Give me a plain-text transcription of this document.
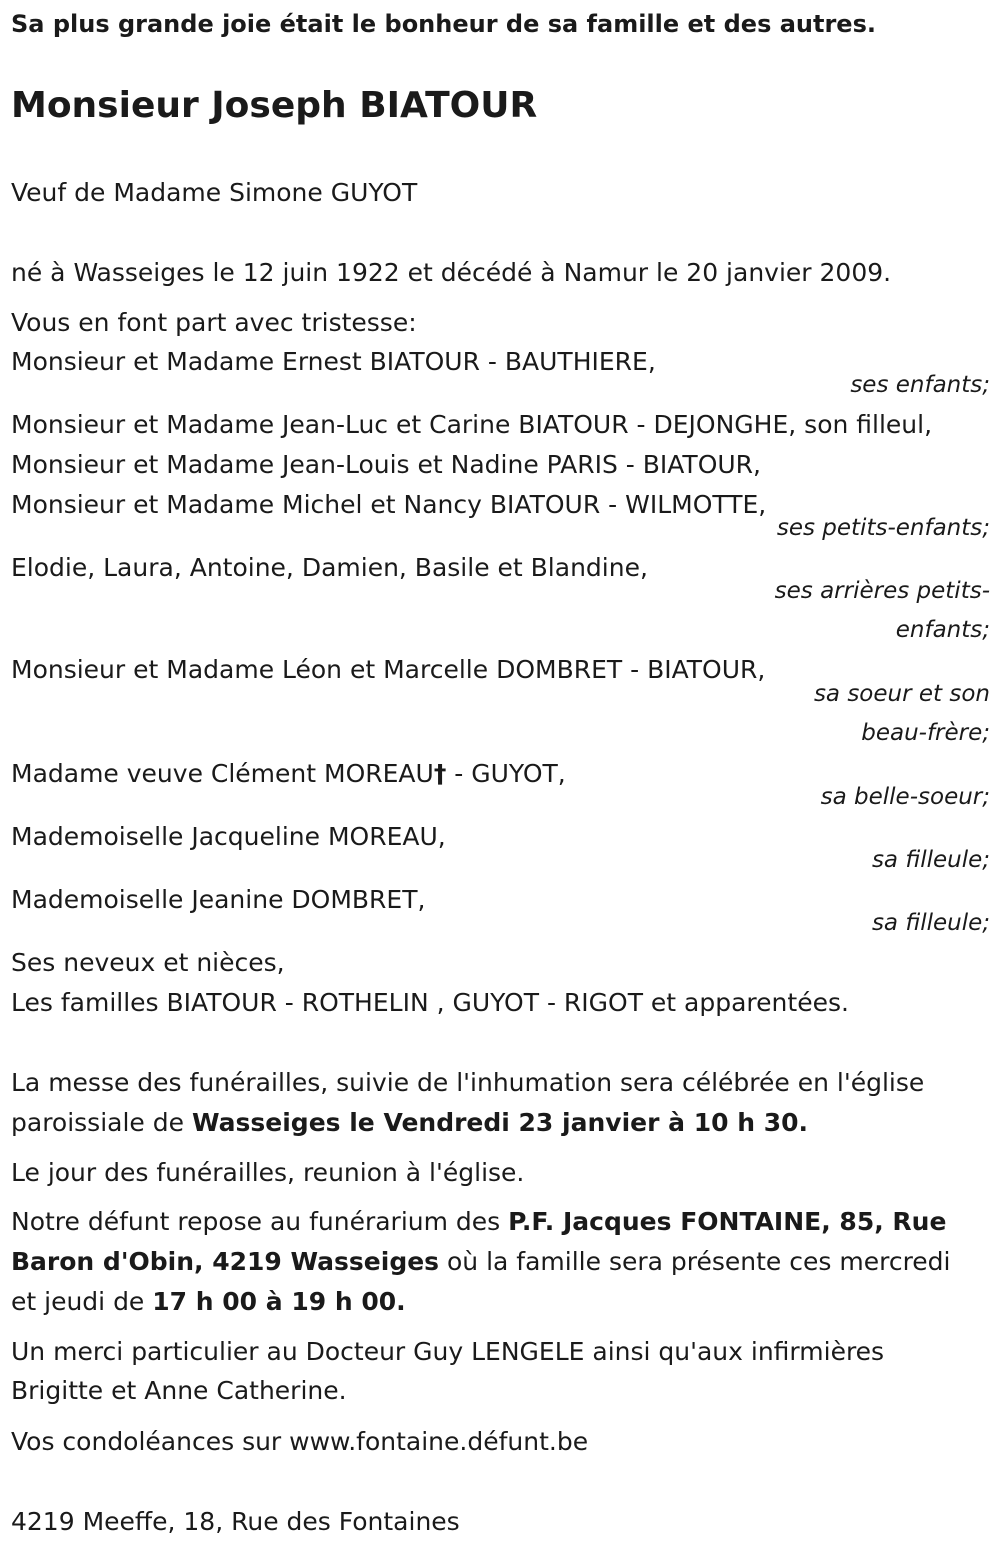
Sa plus grande joie était le bonheur de sa famille et des autres.
Monsieur Joseph BIATOUR
Veuf de Madame Simone GUYOT
né à Wasseiges le 12 juin 1922 et décédé à Namur le 20 janvier 2009.
Vous en font part avec tristesse:
Monsieur et Madame Ernest BIATOUR - BAUTHIERE,
ses enfants;
Monsieur et Madame Jean-Luc et Carine BIATOUR - DEJONGHE, son filleul,
Monsieur et Madame Jean-Louis et Nadine PARIS - BIATOUR,
Monsieur et Madame Michel et Nancy BIATOUR - WILMOTTE,
ses petits-enfants;
Elodie, Laura, Antoine, Damien, Basile et Blandine,
ses arrières petits-
enfants;
Monsieur et Madame Léon et Marcelle DOMBRET - BIATOUR,
sa soeur et son
beau-frère;
Madame veuve Clément MOREAU† - GUYOT,
sa belle-soeur;
Mademoiselle Jacqueline MOREAU,
sa filleule;
Mademoiselle Jeanine DOMBRET,
sa filleule;
Ses neveux et nièces,
Les familles BIATOUR - ROTHELIN , GUYOT - RIGOT et apparentées.
La messe des funérailles, suivie de l'inhumation sera célébrée en l'église
paroissiale de Wasseiges le Vendredi 23 janvier à 10 h 30.
Le jour des funérailles, reunion à l'église.
Notre défunt repose au funérarium des P.F. Jacques FONTAINE, 85, Rue
Baron d'Obin, 4219 Wasseiges où la famille sera présente ces mercredi
et jeudi de 17 h 00 à 19 h 00.
Un merci particulier au Docteur Guy LENGELE ainsi qu'aux infirmières
Brigitte et Anne Catherine.
Vos condoléances sur www.fontaine.défunt.be
4219 Meeffe, 18, Rue des Fontaines
